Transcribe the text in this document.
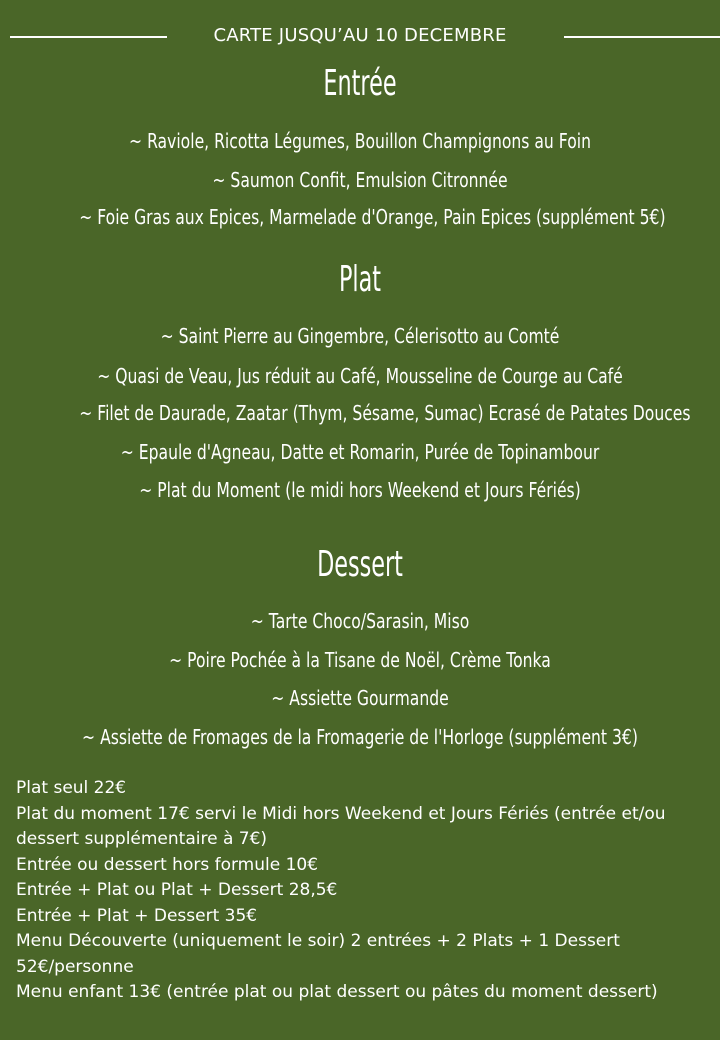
CARTE JUSQU’AU 10 DECEMBRE
Entrée
~ Raviole, Ricotta Légumes, Bouillon Champignons au Foin
~ Saumon Confit, Emulsion Citronnée
~ Foie Gras aux Epices, Marmelade d'Orange, Pain Epices (supplément 5€)
Plat
~ Saint Pierre au Gingembre, Célerisotto au Comté
~ Quasi de Veau, Jus réduit au Café, Mousseline de Courge au Café
~ Filet de Daurade, Zaatar (Thym, Sésame, Sumac) Ecrasé de Patates Douces
~ Epaule d'Agneau, Datte et Romarin, Purée de Topinambour
~ Plat du Moment (le midi hors Weekend et Jours Fériés)
Dessert
~ Tarte Choco/Sarasin, Miso
~ Poire Pochée à la Tisane de Noël, Crème Tonka
~ Assiette Gourmande
~ Assiette de Fromages de la Fromagerie de l'Horloge (supplément 3€)
Plat seul 22€
Plat du moment 17€ servi le Midi hors Weekend et Jours Fériés (entrée et/ou dessert supplémentaire à 7€)
Entrée ou dessert hors formule 10€
Entrée + Plat ou Plat + Dessert 28,5€
Entrée + Plat + Dessert 35€
Menu Découverte (uniquement le soir) 2 entrées + 2 Plats + 1 Dessert 52€/personne
Menu enfant 13€ (entrée plat ou plat dessert ou pâtes du moment dessert)
